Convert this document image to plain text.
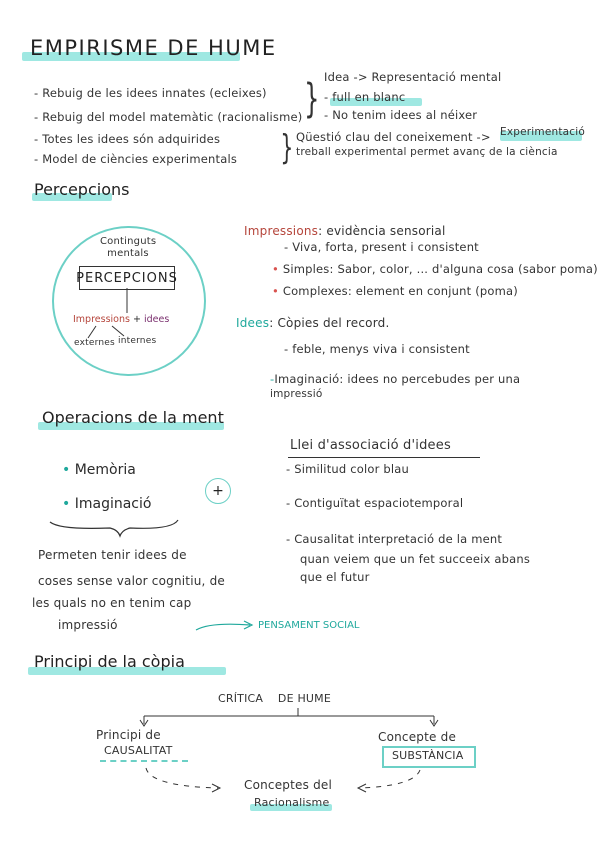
EMPIRISME DE HUME
- Rebuig de les idees innates (ecleixes)
- Rebuig del model matemàtic (racionalisme)
- Totes les idees són adquirides
- Model de ciències experimentals
}
}
Idea -> Representació mental
- full en blanc
- No tenim idees al néixer
Qüestió clau del coneixement -> Experimentació
treball experimental permet avanç de la ciència
Percepcions
Continguts mentals
PERCEPCIONS
Impressions + idees
externes internes
Impressions: evidència sensorial
- Viva, forta, present i consistent
• Simples: Sabor, color, ... d'alguna cosa (sabor poma)
• Complexes: element en conjunt (poma)
Idees: Còpies del record.
- feble, menys viva i consistent
-Imaginació: idees no percebudes per una
impressió
Operacions de la ment
• Memòria
• Imaginació
+
Permeten tenir idees de
coses sense valor cognitiu, de
les quals no en tenim cap
impressió	PENSAMENT SOCIAL
Llei d'associació d'idees
- Similitud color blau
- Contiguïtat espaciotemporal
- Causalitat interpretació de la ment
quan veiem que un fet succeeix abans
que el futur
Principi de la còpia
CRÍTICA    DE HUME
Principi de
CAUSALITAT
Concepte de
SUBSTÀNCIA
Conceptes del
Racionalisme
